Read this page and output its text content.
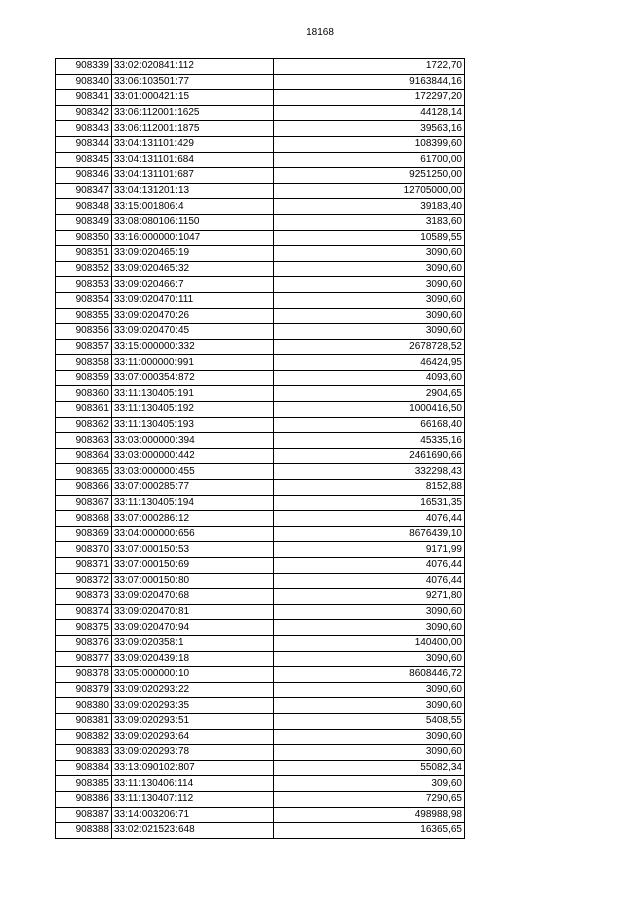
18168
908339	33:02:020841:112	1722,70
908340	33:06:103501:77	9163844,16
908341	33:01:000421:15	172297,20
908342	33:06:112001:1625	44128,14
908343	33:06:112001:1875	39563,16
908344	33:04:131101:429	108399,60
908345	33:04:131101:684	61700,00
908346	33:04:131101:687	9251250,00
908347	33:04:131201:13	12705000,00
908348	33:15:001806:4	39183,40
908349	33:08:080106:1150	3183,60
908350	33:16:000000:1047	10589,55
908351	33:09:020465:19	3090,60
908352	33:09:020465:32	3090,60
908353	33:09:020466:7	3090,60
908354	33:09:020470:111	3090,60
908355	33:09:020470:26	3090,60
908356	33:09:020470:45	3090,60
908357	33:15:000000:332	2678728,52
908358	33:11:000000:991	46424,95
908359	33:07:000354:872	4093,60
908360	33:11:130405:191	2904,65
908361	33:11:130405:192	1000416,50
908362	33:11:130405:193	66168,40
908363	33:03:000000:394	45335,16
908364	33:03:000000:442	2461690,66
908365	33:03:000000:455	332298,43
908366	33:07:000285:77	8152,88
908367	33:11:130405:194	16531,35
908368	33:07:000286:12	4076,44
908369	33:04:000000:656	8676439,10
908370	33:07:000150:53	9171,99
908371	33:07:000150:69	4076,44
908372	33:07:000150:80	4076,44
908373	33:09:020470:68	9271,80
908374	33:09:020470:81	3090,60
908375	33:09:020470:94	3090,60
908376	33:09:020358:1	140400,00
908377	33:09:020439:18	3090,60
908378	33:05:000000:10	8608446,72
908379	33:09:020293:22	3090,60
908380	33:09:020293:35	3090,60
908381	33:09:020293:51	5408,55
908382	33:09:020293:64	3090,60
908383	33:09:020293:78	3090,60
908384	33:13:090102:807	55082,34
908385	33:11:130406:114	309,60
908386	33:11:130407:112	7290,65
908387	33:14:003206:71	498988,98
908388	33:02:021523:648	16365,65
